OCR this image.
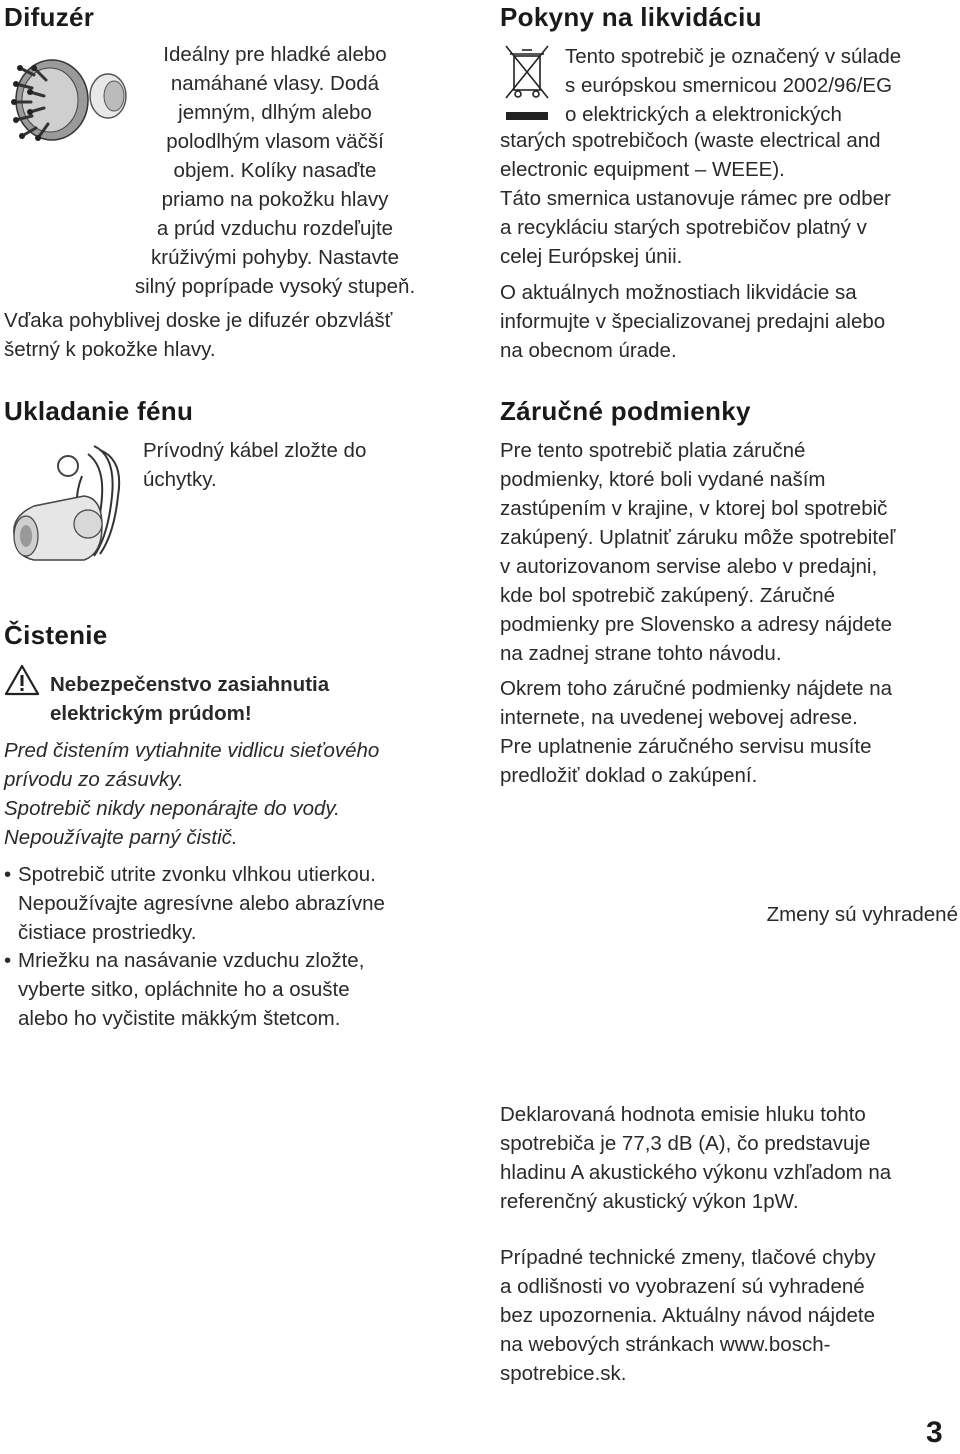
Difuzér
Ideálny pre hladké alebo
namáhané vlasy. Dodá
jemným, dlhým alebo
polodlhým vlasom väčší
objem. Kolíky nasaďte
priamo na pokožku hlavy
a prúd vzduchu rozdeľujte
krúživými pohyby. Nastavte
silný poprípade vysoký stupeň.
Vďaka pohyblivej doske je difuzér obzvlášť
šetrný k pokožke hlavy.
Ukladanie fénu
Prívodný kábel zložte do
úchytky.
Čistenie
Nebezpečenstvo zasiahnutia
elektrickým prúdom!
Pred čistením vytiahnite vidlicu sieťového
prívodu zo zásuvky.
Spotrebič nikdy neponárajte do vody.
Nepoužívajte parný čistič.
• Spotrebič utrite zvonku vlhkou utierkou.
Nepoužívajte agresívne alebo abrazívne
čistiace prostriedky.
• Mriežku na nasávanie vzduchu zložte,
vyberte sitko, opláchnite ho a osušte
alebo ho vyčistite mäkkým štetcom.
Pokyny na likvidáciu
Tento spotrebič je označený v súlade
s európskou smernicou 2002/96/EG
o elektrických a elektronických
starých spotrebičoch (waste electrical and
electronic equipment – WEEE).
Táto smernica ustanovuje rámec pre odber
a recykláciu starých spotrebičov platný v
celej Európskej únii.
O aktuálnych možnostiach likvidácie sa
informujte v špecializovanej predajni alebo
na obecnom úrade.
Záručné podmienky
Pre tento spotrebič platia záručné
podmienky, ktoré boli vydané naším
zastúpením v krajine, v ktorej bol spotrebič
zakúpený. Uplatniť záruku môže spotrebiteľ
v autorizovanom servise alebo v predajni,
kde bol spotrebič zakúpený. Záručné
podmienky pre Slovensko a adresy nájdete
na zadnej strane tohto návodu.
Okrem toho záručné podmienky nájdete na
internete, na uvedenej webovej adrese.
Pre uplatnenie záručného servisu musíte
predložiť doklad o zakúpení.
Zmeny sú vyhradené
Deklarovaná hodnota emisie hluku tohto
spotrebiča je 77,3 dB (A), čo predstavuje
hladinu A akustického výkonu vzhľadom na
referenčný akustický výkon 1pW.
Prípadné technické zmeny, tlačové chyby
a odlišnosti vo vyobrazení sú vyhradené
bez upozornenia. Aktuálny návod nájdete
na webových stránkach www.bosch-
spotrebice.sk.
3
